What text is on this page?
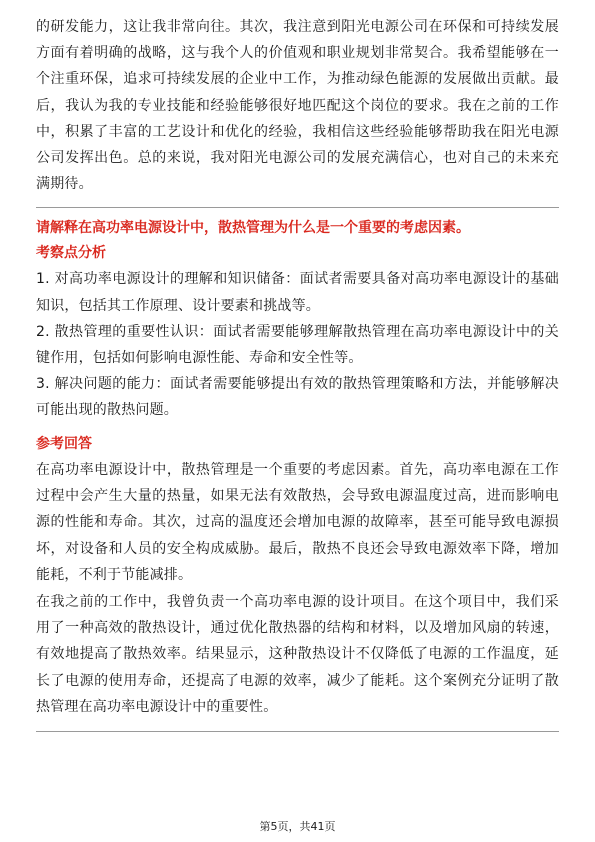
的研发能力，这让我非常向往。其次，我注意到阳光电源公司在环保和可持续发展方面有着明确的战略，这与我个人的价值观和职业规划非常契合。我希望能够在一个注重环保，追求可持续发展的企业中工作，为推动绿色能源的发展做出贡献。最后，我认为我的专业技能和经验能够很好地匹配这个岗位的要求。我在之前的工作中，积累了丰富的工艺设计和优化的经验，我相信这些经验能够帮助我在阳光电源公司发挥出色。总的来说，我对阳光电源公司的发展充满信心，也对自己的未来充满期待。

请解释在高功率电源设计中，散热管理为什么是一个重要的考虑因素。
考察点分析

1. 对高功率电源设计的理解和知识储备：面试者需要具备对高功率电源设计的基础知识，包括其工作原理、设计要素和挑战等。

2. 散热管理的重要性认识：面试者需要能够理解散热管理在高功率电源设计中的关键作用，包括如何影响电源性能、寿命和安全性等。

3. 解决问题的能力：面试者需要能够提出有效的散热管理策略和方法，并能够解决可能出现的散热问题。

参考回答

在高功率电源设计中，散热管理是一个重要的考虑因素。首先，高功率电源在工作过程中会产生大量的热量，如果无法有效散热，会导致电源温度过高，进而影响电源的性能和寿命。其次，过高的温度还会增加电源的故障率，甚至可能导致电源损坏，对设备和人员的安全构成威胁。最后，散热不良还会导致电源效率下降，增加能耗，不利于节能减排。

在我之前的工作中，我曾负责一个高功率电源的设计项目。在这个项目中，我们采用了一种高效的散热设计，通过优化散热器的结构和材料，以及增加风扇的转速，有效地提高了散热效率。结果显示，这种散热设计不仅降低了电源的工作温度，延长了电源的使用寿命，还提高了电源的效率，减少了能耗。这个案例充分证明了散热管理在高功率电源设计中的重要性。

第5页，共41页
